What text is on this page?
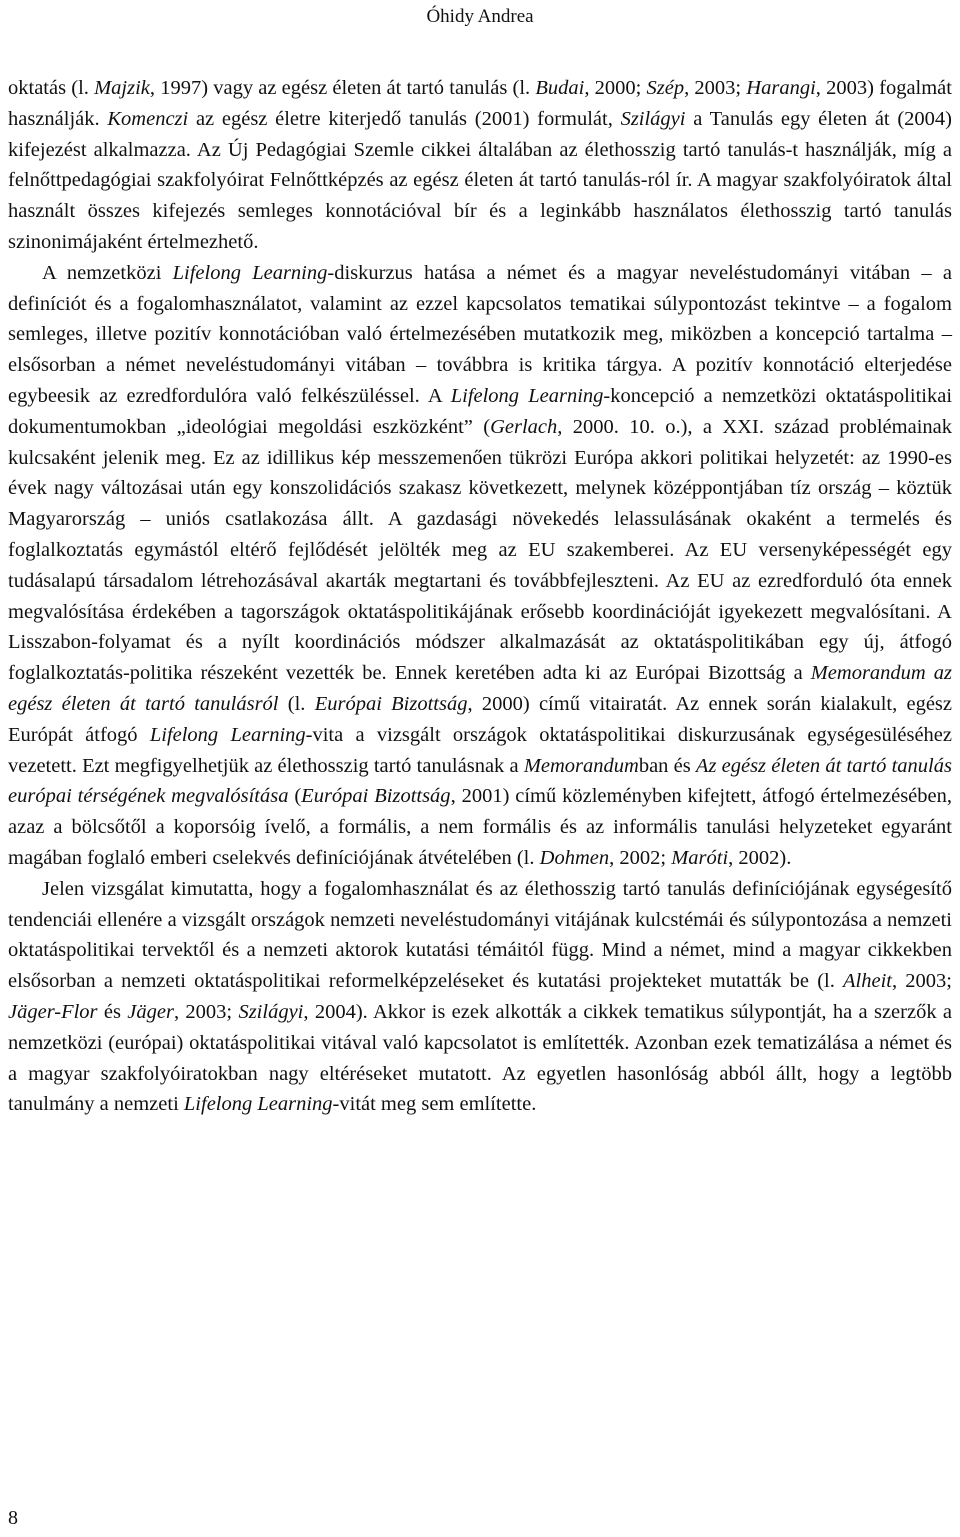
Óhidy Andrea

oktatás (l. Majzik, 1997) vagy az egész életen át tartó tanulás (l. Budai, 2000; Szép, 2003; Harangi, 2003) fogalmát használják. Komenczi az egész életre kiterjedő tanulás (2001) formulát, Szilágyi a Tanulás egy életen át (2004) kifejezést alkalmazza. Az Új Pedagógiai Szemle cikkei általában az élethosszig tartó tanulás-t használják, míg a felnőttpedagógiai szakfolyóirat Felnőttképzés az egész életen át tartó tanulás-ról ír. A magyar szakfolyóiratok által használt összes kifejezés semleges konnotációval bír és a leginkább használatos élethosszig tartó tanulás szinonimájaként értelmezhető.

A nemzetközi Lifelong Learning-diskurzus hatása a német és a magyar neveléstudományi vitában – a definíciót és a fogalomhasználatot, valamint az ezzel kapcsolatos tematikai súlypontozást tekintve – a fogalom semleges, illetve pozitív konnotációban való értelmezésében mutatkozik meg, miközben a koncepció tartalma – elsősorban a német neveléstudományi vitában – továbbra is kritika tárgya. A pozitív konnotáció elterjedése egybeesik az ezredfordulóra való felkészüléssel. A Lifelong Learning-koncepció a nemzetközi oktatáspolitikai dokumentumokban „ideológiai megoldási eszközként” (Gerlach, 2000. 10. o.), a XXI. század problémainak kulcsaként jelenik meg. Ez az idillikus kép messzemenően tükrözi Európa akkori politikai helyzetét: az 1990-es évek nagy változásai után egy konszolidációs szakasz következett, melynek középpontjában tíz ország – köztük Magyarország – uniós csatlakozása állt. A gazdasági növekedés lelassulásának okaként a termelés és foglalkoztatás egymástól eltérő fejlődését jelölték meg az EU szakemberei. Az EU versenyképességét egy tudásalapú társadalom létrehozásával akarták megtartani és továbbfejleszteni. Az EU az ezredforduló óta ennek megvalósítása érdekében a tagországok oktatáspolitikájának erősebb koordinációját igyekezett megvalósítani. A Lisszabon-folyamat és a nyílt koordinációs módszer alkalmazását az oktatáspolitikában egy új, átfogó foglalkoztatás-politika részeként vezették be. Ennek keretében adta ki az Európai Bizottság a Memorandum az egész életen át tartó tanulásról (l. Európai Bizottság, 2000) című vitairatát. Az ennek során kialakult, egész Európát átfogó Lifelong Learning-vita a vizsgált országok oktatáspolitikai diskurzusának egységesüléséhez vezetett. Ezt megfigyelhetjük az élethosszig tartó tanulásnak a Memorandumban és Az egész életen át tartó tanulás európai térségének megvalósítása (Európai Bizottság, 2001) című közleményben kifejtett, átfogó értelmezésében, azaz a bölcsőtől a koporsóig ívelő, a formális, a nem formális és az informális tanulási helyzeteket egyaránt magában foglaló emberi cselekvés definíciójának átvételében (l. Dohmen, 2002; Maróti, 2002).

Jelen vizsgálat kimutatta, hogy a fogalomhasználat és az élethosszig tartó tanulás definíciójának egységesítő tendenciái ellenére a vizsgált országok nemzeti neveléstudományi vitájának kulcstémái és súlypontozása a nemzeti oktatáspolitikai tervektől és a nemzeti aktorok kutatási témáitól függ. Mind a német, mind a magyar cikkekben elsősorban a nemzeti oktatáspolitikai reformelképzeléseket és kutatási projekteket mutatták be (l. Alheit, 2003; Jäger-Flor és Jäger, 2003; Szilágyi, 2004). Akkor is ezek alkották a cikkek tematikus súlypontját, ha a szerzők a nemzetközi (európai) oktatáspolitikai vitával való kapcsolatot is említették. Azonban ezek tematizálása a német és a magyar szakfolyóiratokban nagy eltéréseket mutatott. Az egyetlen hasonlóság abból állt, hogy a legtöbb tanulmány a nemzeti Lifelong Learning-vitát meg sem említette.

8
